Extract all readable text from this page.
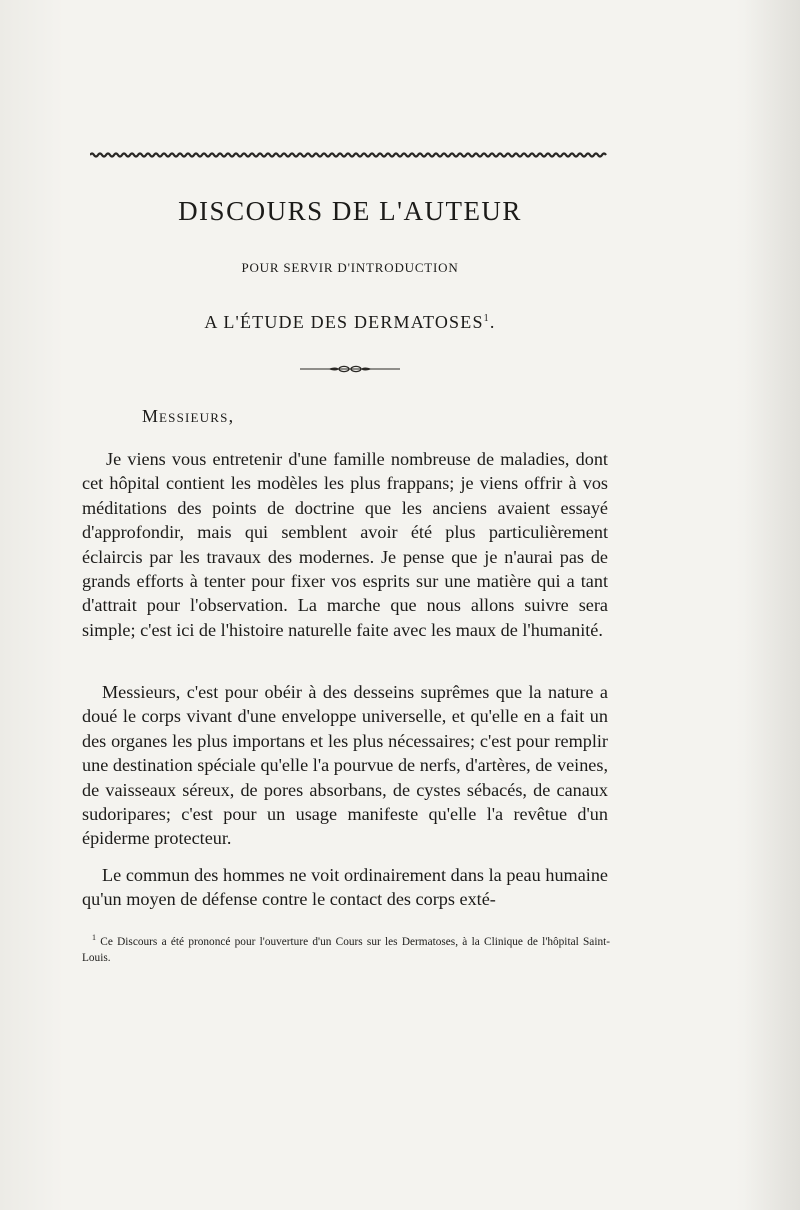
DISCOURS DE L'AUTEUR
POUR SERVIR D'INTRODUCTION
A L'ÉTUDE DES DERMATOSES$^1$.
MESSIEURS,

Je viens vous entretenir d'une famille nombreuse de maladies, dont cet hôpital contient les modèles les plus frappans; je viens offrir à vos méditations des points de doctrine que les anciens avaient essayé d'approfondir, mais qui semblent avoir été plus particulièrement éclaircis par les travaux des modernes. Je pense que je n'aurai pas de grands efforts à tenter pour fixer vos esprits sur une matière qui a tant d'attrait pour l'observation. La marche que nous allons suivre sera simple; c'est ici de l'histoire naturelle faite avec les maux de l'humanité.

Messieurs, c'est pour obéir à des desseins suprêmes que la nature a doué le corps vivant d'une enveloppe universelle, et qu'elle en a fait un des organes les plus importans et les plus nécessaires; c'est pour remplir une destination spéciale qu'elle l'a pourvue de nerfs, d'artères, de veines, de vaisseaux séreux, de pores absorbans, de cystes sébacés, de canaux sudoripares; c'est pour un usage manifeste qu'elle l'a revêtue d'un épiderme protecteur.

Le commun des hommes ne voit ordinairement dans la peau humaine qu'un moyen de défense contre le contact des corps exté-

$^1$ Ce Discours a été prononcé pour l'ouverture d'un Cours sur les Dermatoses, à la Clinique de l'hôpital Saint-Louis.
